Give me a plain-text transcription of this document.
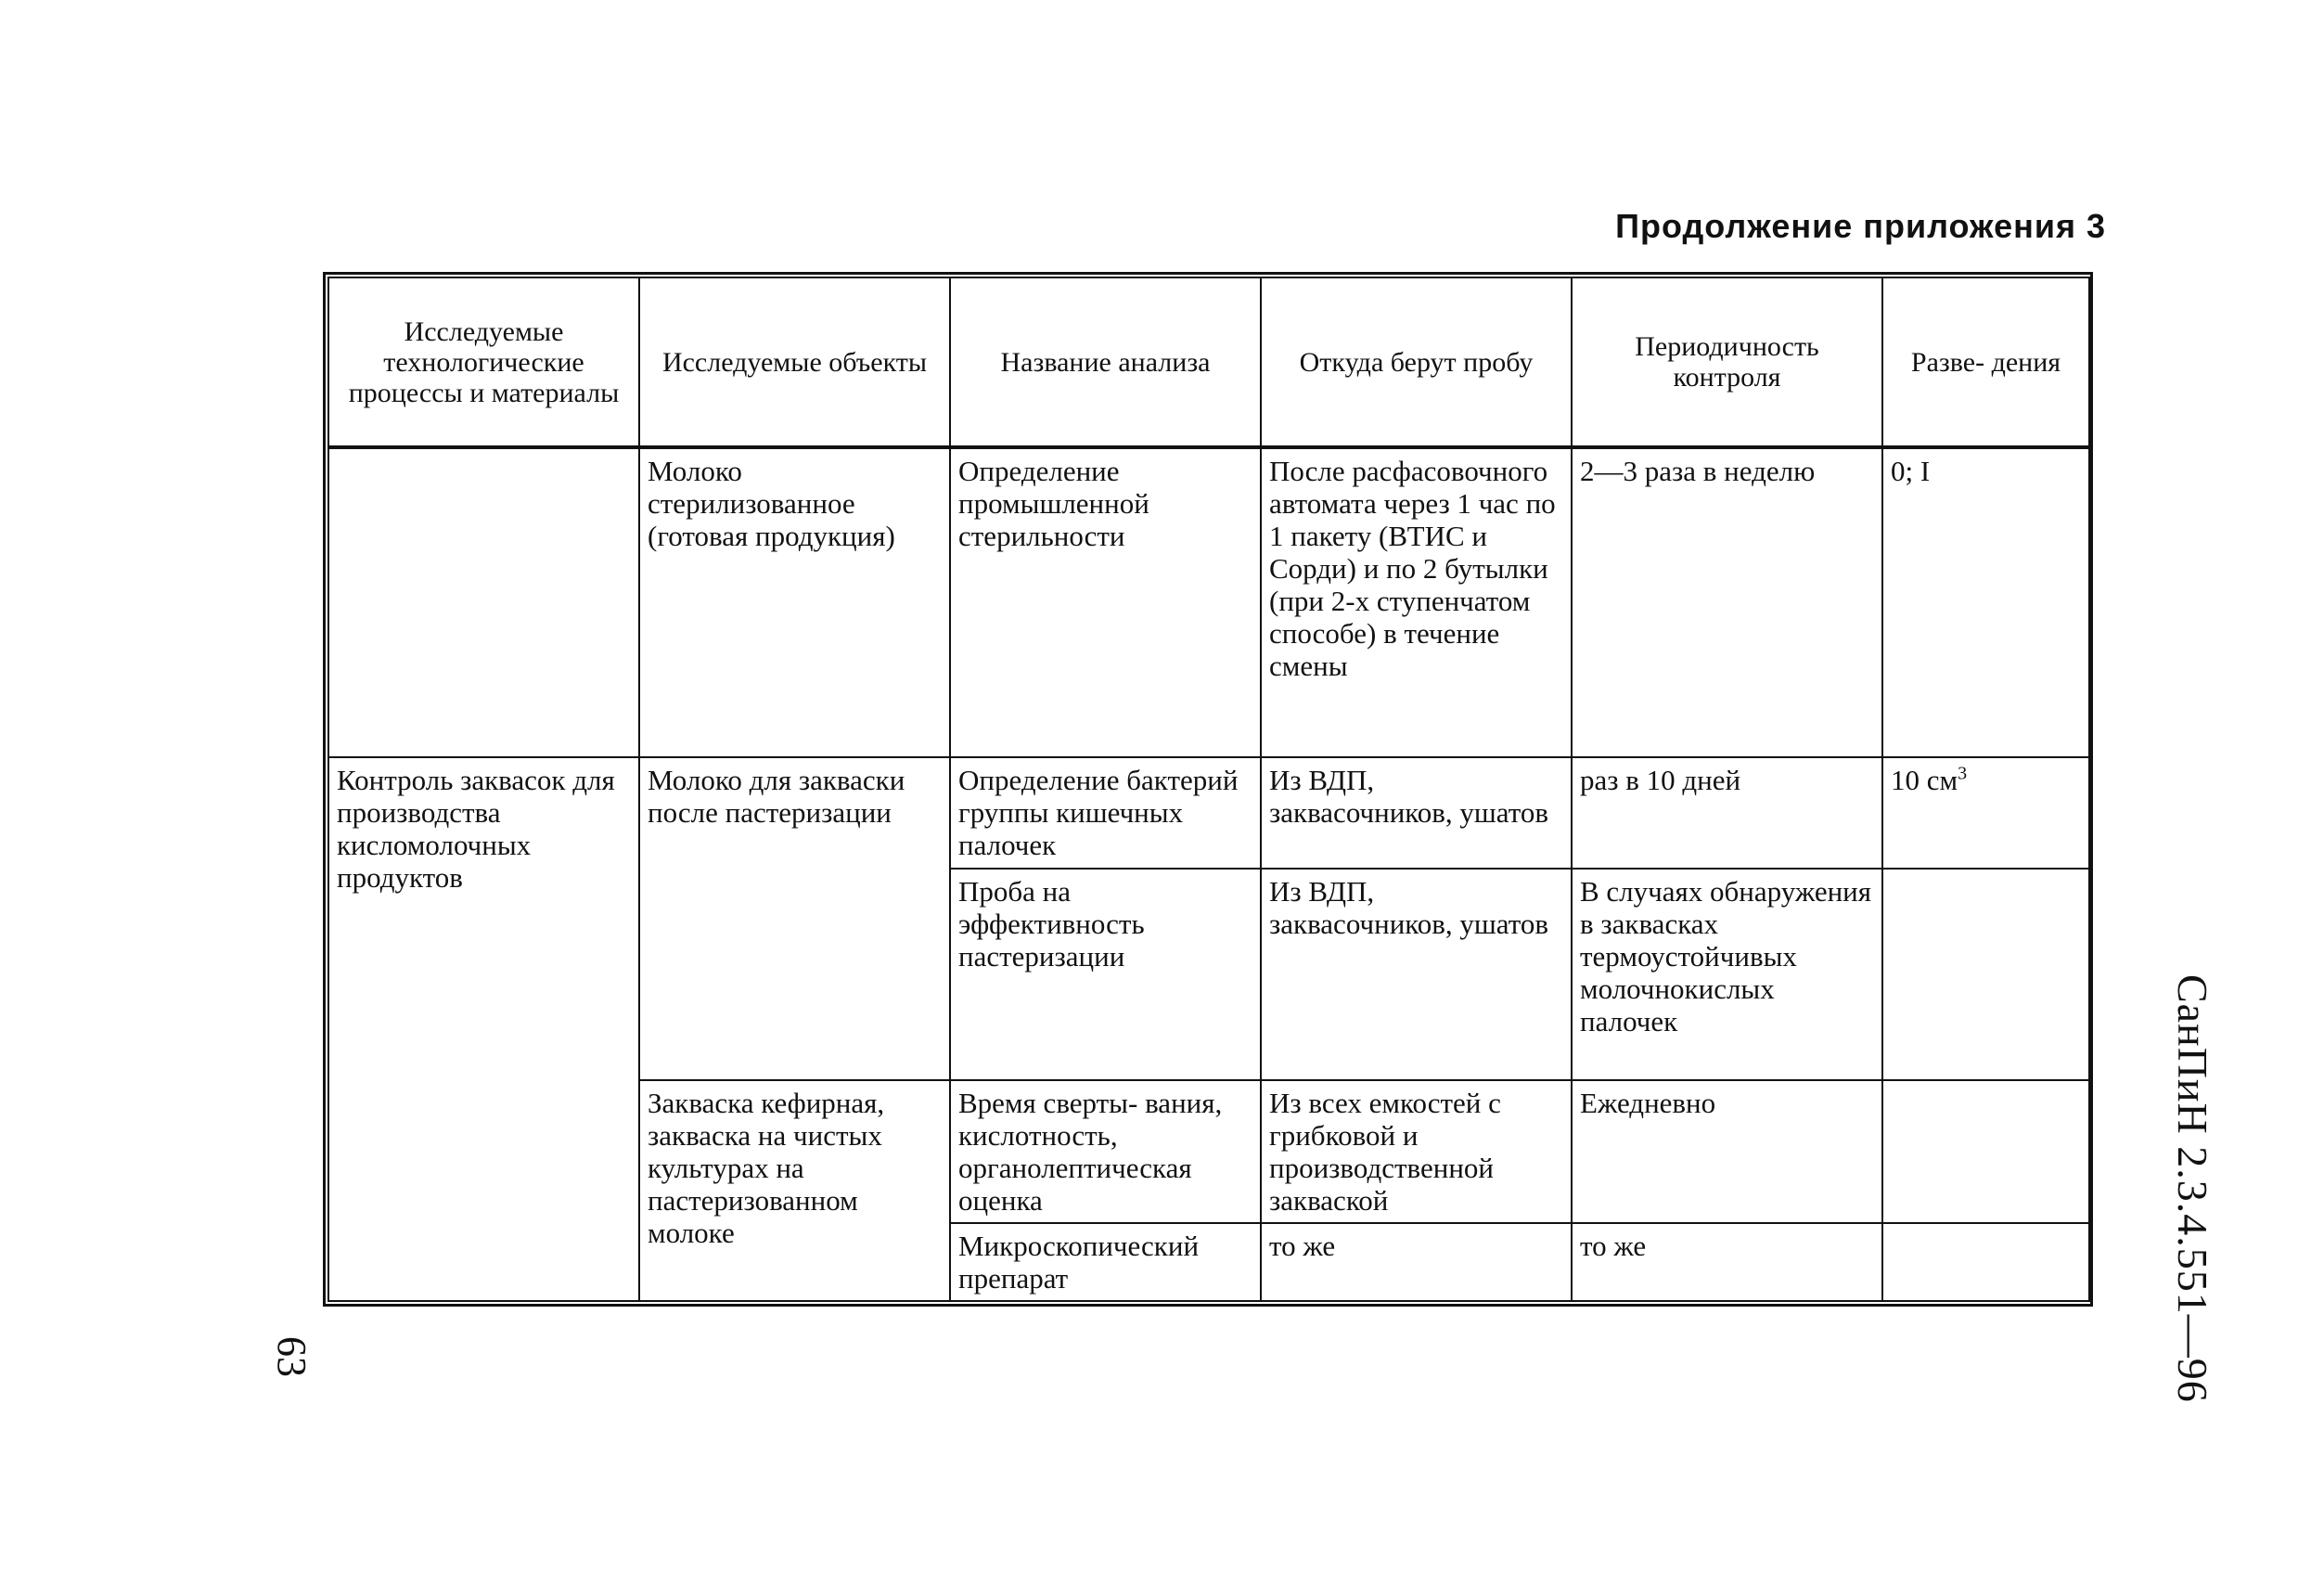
Продолжение приложения 3
Исследуемые технологические процессы и материалы	Исследуемые объекты	Название анализа	Откуда берут пробу	Периодичность контроля	Разве- дения
	Молоко стерилизованное (готовая продукция)	Определение промышленной стерильности	После расфасовочного автомата через 1 час по 1 пакету (ВТИС и Сорди) и по 2 бутылки (при 2-х ступенчатом способе) в течение смены	2—3 раза в неделю	0; I
Контроль заквасок для производства кисломолочных продуктов	Молоко для закваски после пастеризации	Определение бактерий группы кишечных палочек	Из ВДП, заквасочников, ушатов	раз в 10 дней	10 $см^3$
		Проба на эффективность пастеризации	Из ВДП, заквасочников, ушатов	В случаях обнаружения в заквасках термоустойчивых молочнокислых палочек	
	Закваска кефирная, закваска на чистых культурах на пастеризованном молоке	Время сверты- вания, кислотность, органолептическая оценка	Из всех емкостей с грибковой и производственной закваской	Ежедневно	
		Микроскопический препарат	то же	то же		СанПиН 2.3.4.551—96
63
